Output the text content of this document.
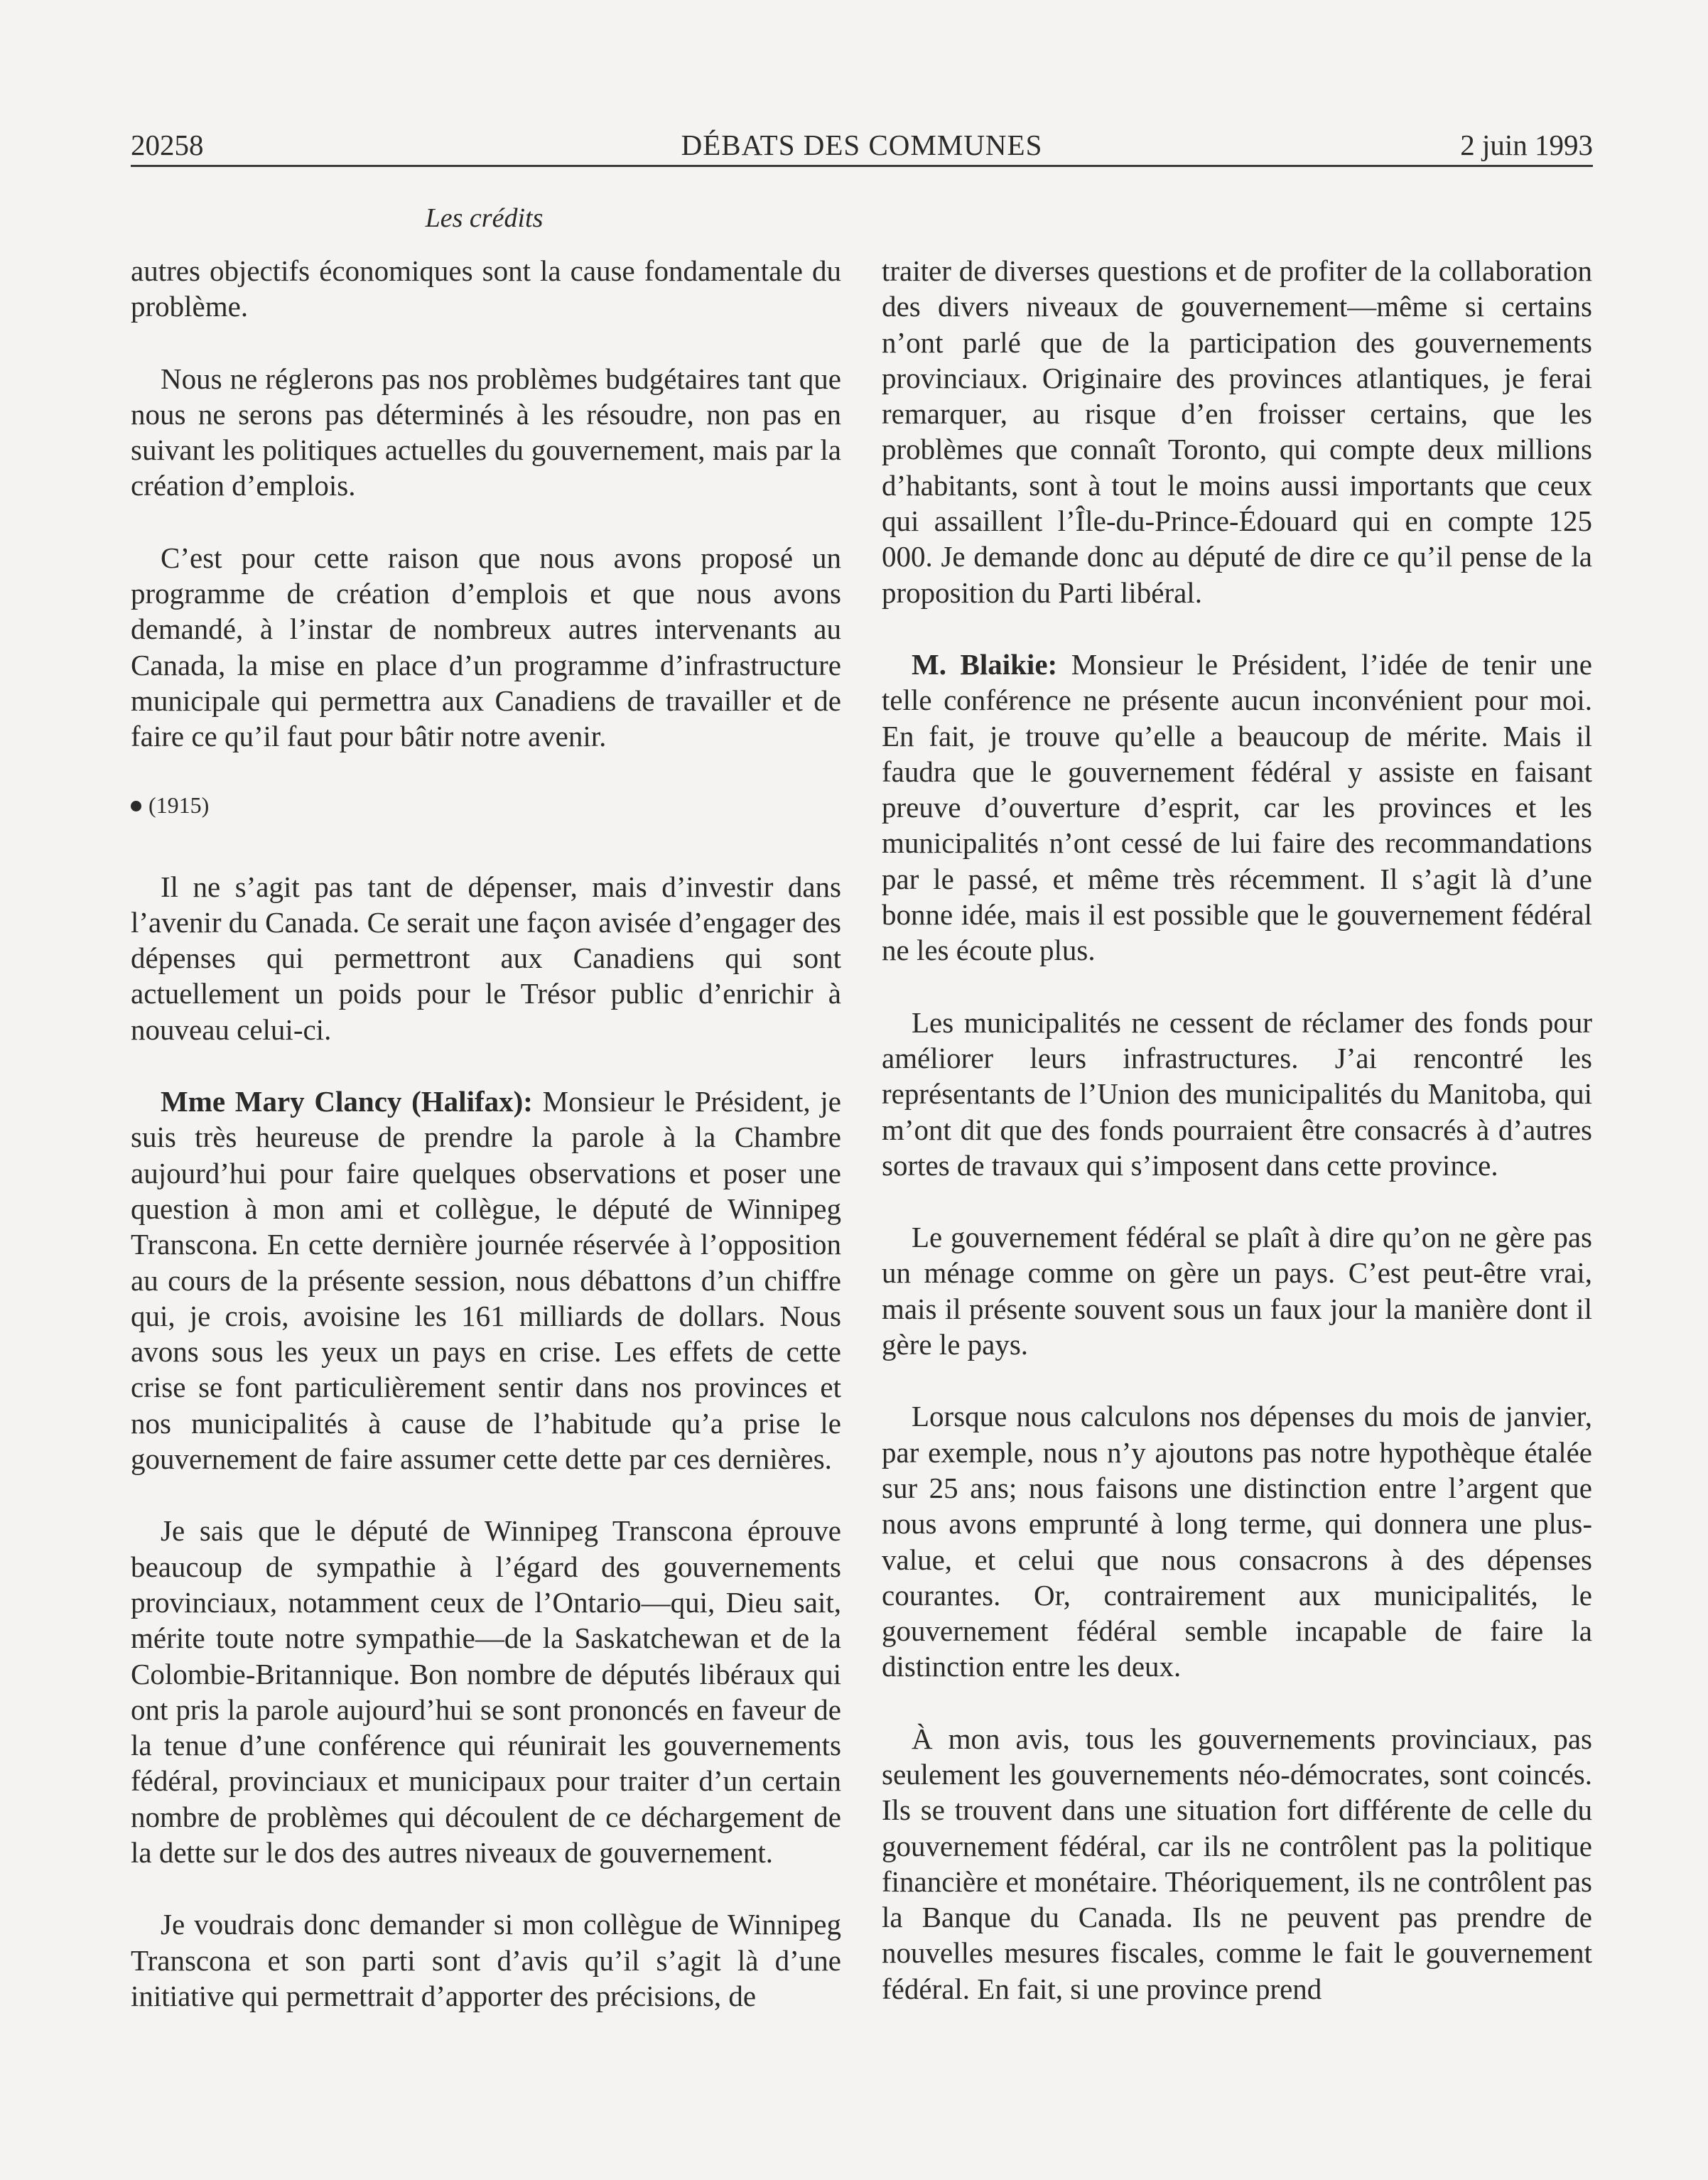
20258	DÉBATS DES COMMUNES	2 juin 1993
Les crédits

autres objectifs économiques sont la cause fondamentale du problème.

Nous ne réglerons pas nos problèmes budgétaires tant que nous ne serons pas déterminés à les résoudre, non pas en suivant les politiques actuelles du gouvernement, mais par la création d’emplois.

C’est pour cette raison que nous avons proposé un programme de création d’emplois et que nous avons demandé, à l’instar de nombreux autres intervenants au Canada, la mise en place d’un programme d’infrastructure municipale qui permettra aux Canadiens de travailler et de faire ce qu’il faut pour bâtir notre avenir.

(1915)

Il ne s’agit pas tant de dépenser, mais d’investir dans l’avenir du Canada. Ce serait une façon avisée d’engager des dépenses qui permettront aux Canadiens qui sont actuellement un poids pour le Trésor public d’enrichir à nouveau celui-ci.

Mme Mary Clancy (Halifax): Monsieur le Président, je suis très heureuse de prendre la parole à la Chambre aujourd’hui pour faire quelques observations et poser une question à mon ami et collègue, le député de Winnipeg Transcona. En cette dernière journée réservée à l’opposition au cours de la présente session, nous débattons d’un chiffre qui, je crois, avoisine les 161 milliards de dollars. Nous avons sous les yeux un pays en crise. Les effets de cette crise se font particulièrement sentir dans nos provinces et nos municipalités à cause de l’habitude qu’a prise le gouvernement de faire assumer cette dette par ces dernières.

Je sais que le député de Winnipeg Transcona éprouve beaucoup de sympathie à l’égard des gouvernements provinciaux, notamment ceux de l’Ontario—qui, Dieu sait, mérite toute notre sympathie—de la Saskatchewan et de la Colombie-Britannique. Bon nombre de députés libéraux qui ont pris la parole aujourd’hui se sont prononcés en faveur de la tenue d’une conférence qui réunirait les gouvernements fédéral, provinciaux et municipaux pour traiter d’un certain nombre de problèmes qui découlent de ce déchargement de la dette sur le dos des autres niveaux de gouvernement.

Je voudrais donc demander si mon collègue de Winnipeg Transcona et son parti sont d’avis qu’il s’agit là d’une initiative qui permettrait d’apporter des précisions, de

traiter de diverses questions et de profiter de la collaboration des divers niveaux de gouvernement—même si certains n’ont parlé que de la participation des gouvernements provinciaux. Originaire des provinces atlantiques, je ferai remarquer, au risque d’en froisser certains, que les problèmes que connaît Toronto, qui compte deux millions d’habitants, sont à tout le moins aussi importants que ceux qui assaillent l’Île-du-Prince-Édouard qui en compte 125 000. Je demande donc au député de dire ce qu’il pense de la proposition du Parti libéral.

M. Blaikie: Monsieur le Président, l’idée de tenir une telle conférence ne présente aucun inconvénient pour moi. En fait, je trouve qu’elle a beaucoup de mérite. Mais il faudra que le gouvernement fédéral y assiste en faisant preuve d’ouverture d’esprit, car les provinces et les municipalités n’ont cessé de lui faire des recommandations par le passé, et même très récemment. Il s’agit là d’une bonne idée, mais il est possible que le gouvernement fédéral ne les écoute plus.

Les municipalités ne cessent de réclamer des fonds pour améliorer leurs infrastructures. J’ai rencontré les représentants de l’Union des municipalités du Manitoba, qui m’ont dit que des fonds pourraient être consacrés à d’autres sortes de travaux qui s’imposent dans cette province.

Le gouvernement fédéral se plaît à dire qu’on ne gère pas un ménage comme on gère un pays. C’est peut-être vrai, mais il présente souvent sous un faux jour la manière dont il gère le pays.

Lorsque nous calculons nos dépenses du mois de janvier, par exemple, nous n’y ajoutons pas notre hypothèque étalée sur 25 ans; nous faisons une distinction entre l’argent que nous avons emprunté à long terme, qui donnera une plus-value, et celui que nous consacrons à des dépenses courantes. Or, contrairement aux municipalités, le gouvernement fédéral semble incapable de faire la distinction entre les deux.

À mon avis, tous les gouvernements provinciaux, pas seulement les gouvernements néo-démocrates, sont coincés. Ils se trouvent dans une situation fort différente de celle du gouvernement fédéral, car ils ne contrôlent pas la politique financière et monétaire. Théoriquement, ils ne contrôlent pas la Banque du Canada. Ils ne peuvent pas prendre de nouvelles mesures fiscales, comme le fait le gouvernement fédéral. En fait, si une province prend
